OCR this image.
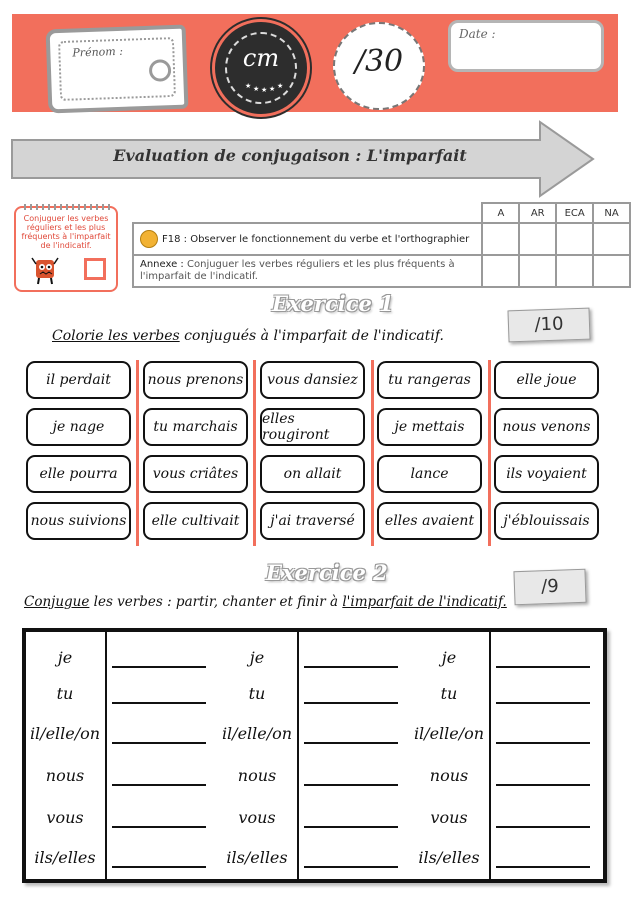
Prénom :	cm
★ ★ ★ ★ ★
/30
Date :
Evaluation de conjugaison : L'imparfait
Conjuguer les verbes réguliers et les plus fréquents à l'imparfait de l'indicatif.
	A	AR	ECA	NA
F18 : Observer le fonctionnement du verbe et l'orthographier				
Annexe : Conjuguer les verbes réguliers et les plus fréquents à l'imparfait de l'indicatif.				
Exercice 1
/10
Colorie les verbes conjugués à l'imparfait de l'indicatif.
il perdait	nous prenons	vous dansiez	tu rangeras	elle joue
je nage	tu marchais	elles rougiront	je mettais	nous venons
elle pourra	vous criâtes	on allait	lance	ils voyaient
nous suivions	elle cultivait	j'ai traversé	elles avaient	j'éblouissais
Exercice 2
/9
Conjugue les verbes : partir, chanter et finir à l'imparfait de l'indicatif.
je	je	je
tu	tu	tu
il/elle/on	il/elle/on	il/elle/on
nous	nous	nous
vous	vous	vous
ils/elles	ils/elles	ils/elles
